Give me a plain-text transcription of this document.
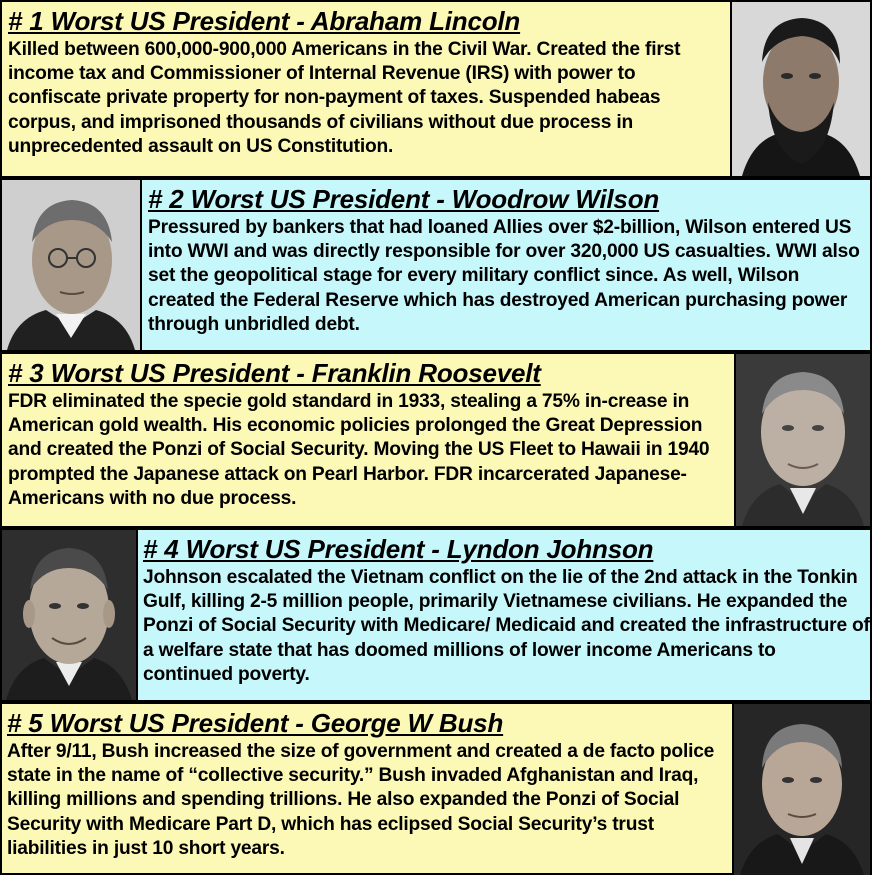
# 1 Worst US President - Abraham Lincoln
Killed between 600,000-900,000 Americans in the Civil War. Created the first income tax and Commissioner of Internal Revenue (IRS) with power to confiscate private property for non-payment of taxes. Suspended habeas corpus, and imprisoned thousands of civilians without due process in unprecedented assault on US Constitution.
# 2 Worst US President - Woodrow Wilson
Pressured by bankers that had loaned Allies over $2-billion, Wilson entered US into WWI and was directly responsible for over 320,000 US casualties. WWI also set the geopolitical stage for every military conflict since. As well, Wilson created the Federal Reserve which has destroyed American purchasing power through unbridled debt.
# 3 Worst US President - Franklin Roosevelt
FDR eliminated the specie gold standard in 1933, stealing a 75% in-crease in American gold wealth. His economic policies prolonged the Great Depression and created the Ponzi of Social Security. Moving the US Fleet to Hawaii in 1940 prompted the Japanese attack on Pearl Harbor. FDR incarcerated Japanese-Americans with no due process.
# 4 Worst US President - Lyndon Johnson
Johnson escalated the Vietnam conflict on the lie of the 2nd attack in the Tonkin Gulf, killing 2-5 million people, primarily Vietnamese civilians. He expanded the Ponzi of Social Security with Medicare/ Medicaid and created the infrastructure of a welfare state that has doomed millions of lower income Americans to continued poverty.
# 5 Worst US President - George W Bush
After 9/11, Bush increased the size of government and created a de facto police state in the name of “collective security.” Bush invaded Afghanistan and Iraq, killing millions and spending trillions. He also expanded the Ponzi of Social Security with Medicare Part D, which has eclipsed Social Security’s trust liabilities in just 10 short years.
